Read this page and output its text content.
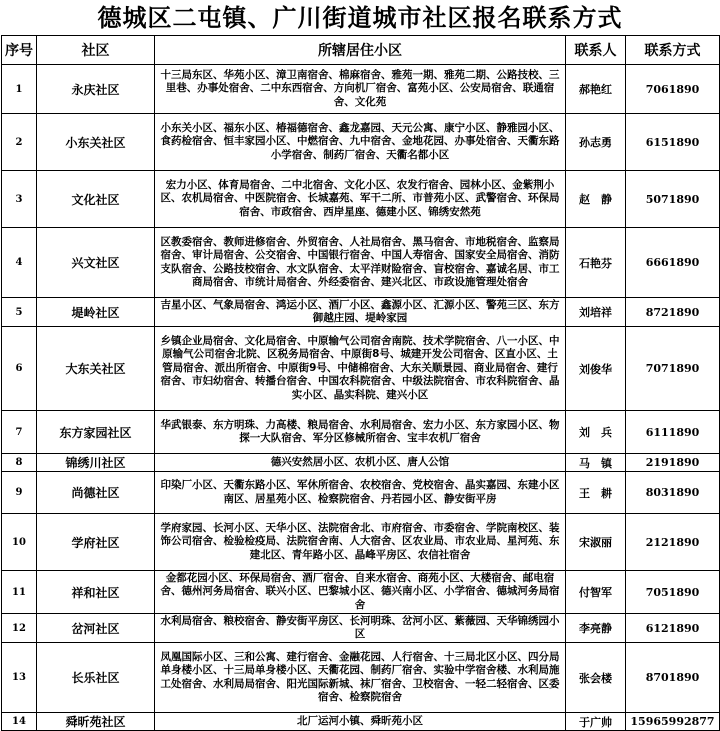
德城区二屯镇、广川街道城市社区报名联系方式
序号	社区	所辖居住小区	联系人	联系方式
1	永庆社区	十三局东区、华苑小区、漳卫南宿舍、棉麻宿舍、雅苑一期、雅苑二期、公路技校、三里巷、办事处宿舍、二中东西宿舍、方向机厂宿舍、富苑小区、公安局宿舍、联通宿舍、文化苑	郝艳红	7061890
2	小东关社区	小东关小区、福东小区、椿福德宿舍、鑫龙嘉园、天元公寓、康宁小区、静雅园小区、食药检宿舍、恒丰家园小区、中燃宿舍、九中宿舍、金地花园、办事处宿舍、天衢东路小学宿舍、制药厂宿舍、天衢名都小区	孙志勇	6151890
3	文化社区	宏力小区、体育局宿舍、二中北宿舍、文化小区、农发行宿舍、园林小区、金紫荆小区、农机局宿舍、中医院宿舍、长城嘉苑、军干二所、市普苑小区、武警宿舍、环保局宿舍、市政宿舍、西岸星座、德建小区、锦绣安然苑	赵　静	5071890
4	兴文社区	区教委宿舍、教师进修宿舍、外贸宿舍、人社局宿舍、黑马宿舍、市地税宿舍、监察局宿舍、审计局宿舍、公交宿舍、中国银行宿舍、中国人寿宿舍、国家安全局宿舍、消防支队宿舍、公路技校宿舍、水文队宿舍、太平洋财险宿舍、盲校宿舍、嘉诚名居、市工商局宿舍、市统计局宿舍、外经委宿舍、建兴北区、市政设施管理处宿舍	石艳芬	6661890
5	堤岭社区	吉星小区、气象局宿舍、鸿运小区、酒厂小区、鑫源小区、汇源小区、警苑三区、东方御越庄园、堤岭家园	刘培祥	8721890
6	大东关社区	乡镇企业局宿舍、文化局宿舍、中原输气公司宿舍南院、技术学院宿舍、八一小区、中原输气公司宿舍北院、区税务局宿舍、中原街8号、城建开发公司宿舍、区直小区、土管局宿舍、派出所宿舍、中原街9号、中储棉宿舍、大东关顺景园、商业局宿舍、建行宿舍、市妇幼宿舍、转播台宿舍、中国农科院宿舍、中级法院宿舍、市农科院宿舍、晶实小区、晶实科院、建兴小区	刘俊华	7071890
7	东方家园社区	华武银泰、东方明珠、力高楼、粮局宿舍、水利局宿舍、宏力小区、东方家园小区、物探一大队宿舍、军分区修械所宿舍、宝丰农机厂宿舍	刘　兵	6111890
8	锦绣川社区	德兴安然居小区、农机小区、唐人公馆	马　镇	2191890
9	尚德社区	印染厂小区、天衢东路小区、军休所宿舍、农校宿舍、党校宿舍、晶实嘉园、东建小区南区、居星苑小区、检察院宿舍、丹若园小区、静安街平房	王　耕	8031890
10	学府社区	学府家园、长河小区、天华小区、法院宿舍北、市府宿舍、市委宿舍、学院南校区、装饰公司宿舍、检验检疫局、法院宿舍南、人大宿舍、区农业局、市农业局、星河苑、东建北区、青年路小区、晶峰平房区、农信社宿舍	宋淑丽	2121890
11	祥和社区	金都花园小区、环保局宿舍、酒厂宿舍、自来水宿舍、商苑小区、大楼宿舍、邮电宿舍、德州河务局宿舍、联兴小区、巴黎城小区、德兴南小区、小学宿舍、德城河务局宿舍	付智军	7051890
12	岔河社区	水利局宿舍、粮校宿舍、静安街平房区、长河明珠、岔河小区、紫薇园、天华锦绣园小区	李亮静	6121890
13	长乐社区	凤凰国际小区、三和公寓、建行宿舍、金融花园、人行宿舍、十三局北区小区、四分局单身楼小区、十三局单身楼小区、天衢花园、制药厂宿舍、实验中学宿舍楼、水利局施工处宿舍、水利局局宿舍、阳光国际新城、袜厂宿舍、卫校宿舍、一轻二轻宿舍、区委宿舍、检察院宿舍	张会楼	8701890
14	舜昕苑社区	北厂运河小镇、舜昕苑小区	于广帅	15965992877
